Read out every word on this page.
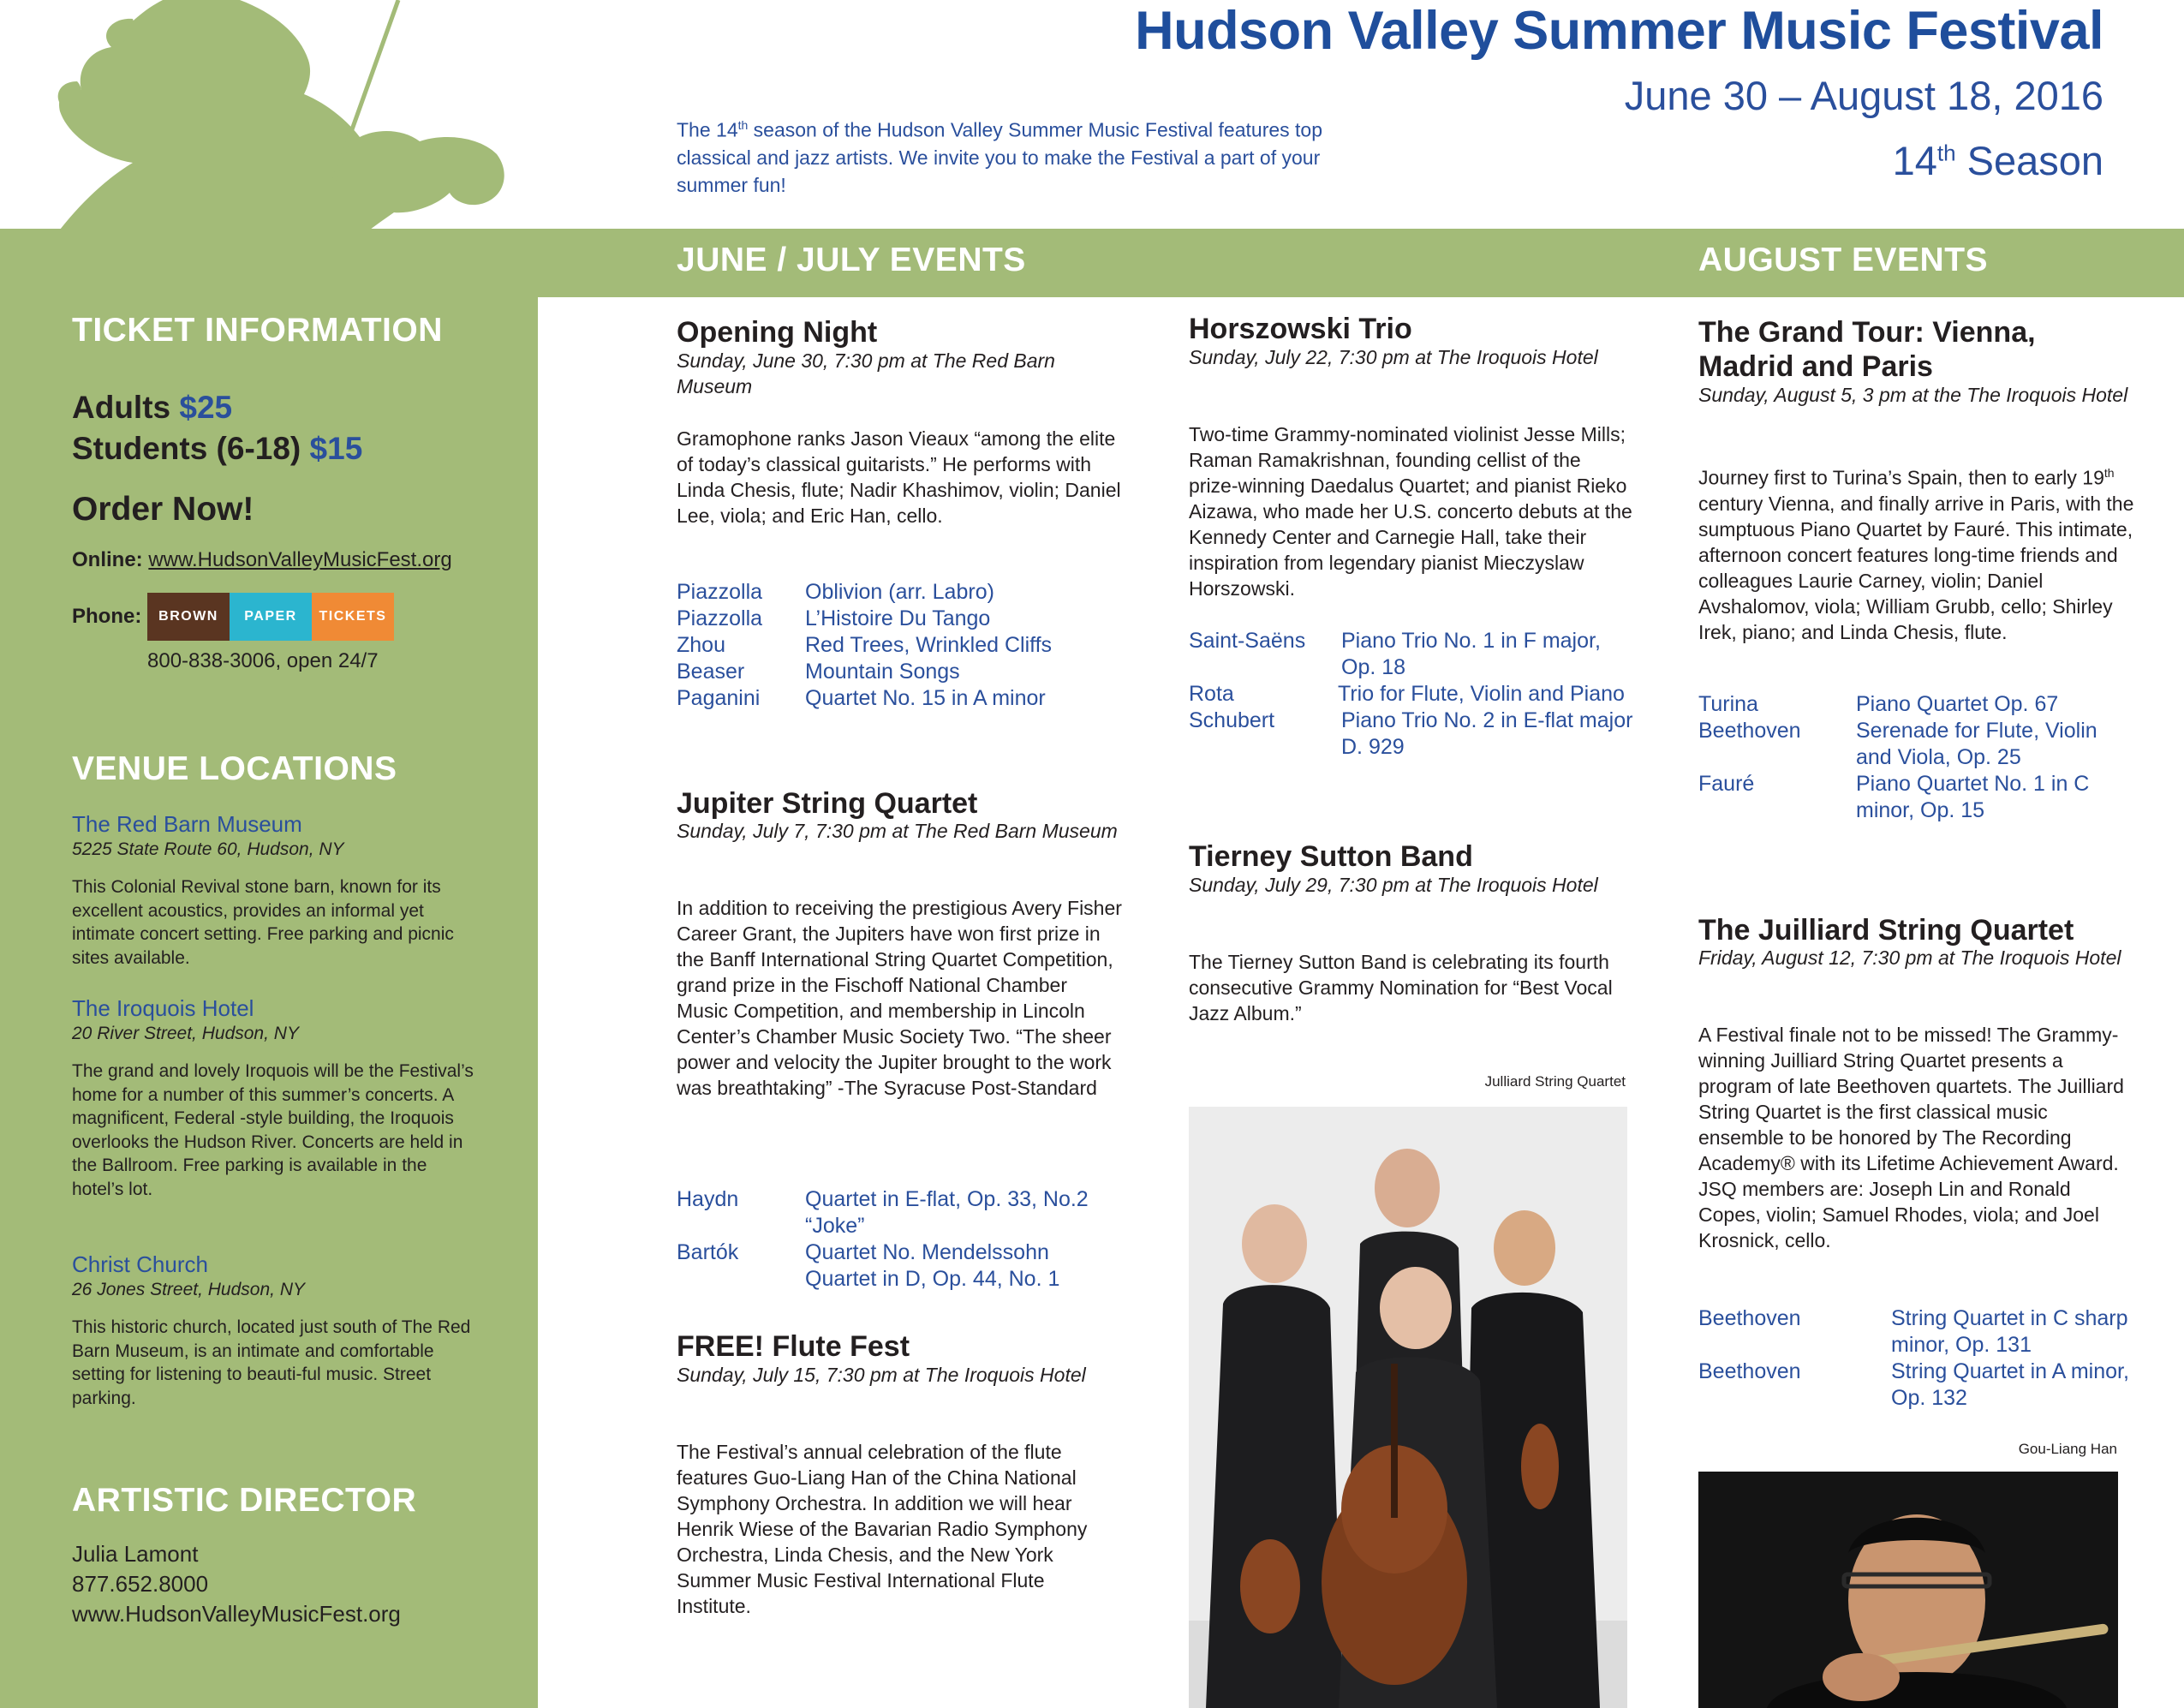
Hudson Valley Summer Music Festival
June 30 – August 18, 2016
14th Season
The 14th season of the Hudson Valley Summer Music Festival features top classical and jazz artists. We invite you to make the Festival a part of your summer fun!
JUNE / JULY EVENTS	AUGUST EVENTS
TICKET INFORMATION
Adults $25
Students (6-18) $15
Order Now!
Online: www.HudsonValleyMusicFest.org
Phone:	BROWN	PAPER	TICKETS
800-838-3006, open 24/7
VENUE LOCATIONS
The Red Barn Museum
5225 State Route 60, Hudson, NY
This Colonial Revival stone barn, known for its excellent acoustics, provides an informal yet intimate concert setting. Free parking and picnic sites available.
The Iroquois Hotel
20 River Street, Hudson, NY
The grand and lovely Iroquois will be the Festival’s home for a number of this summer’s concerts. A magnificent, Federal -style building, the Iroquois overlooks the Hudson River. Concerts are held in the Ballroom. Free parking is available in the hotel’s lot.
Christ Church
26 Jones Street, Hudson, NY
This historic church, located just south of The Red Barn Museum, is an intimate and comfortable setting for listening to beauti-ful music. Street parking.
ARTISTIC DIRECTOR
Julia Lamont
877.652.8000
www.HudsonValleyMusicFest.org
Opening Night
Sunday, June 30, 7:30 pm at The Red Barn Museum
Gramophone ranks Jason Vieaux “among the elite of today’s classical guitarists.” He performs with Linda Chesis, flute; Nadir Khashimov, violin; Daniel Lee, viola; and Eric Han, cello.
Piazzolla Oblivion (arr. Labro)
Piazzolla L’Histoire Du Tango
Zhou	Red Trees, Wrinkled Cliffs
Beaser	Mountain Songs
Paganini Quartet No. 15 in A minor
Jupiter String Quartet
Sunday, July 7, 7:30 pm at The Red Barn Museum
In addition to receiving the prestigious Avery Fisher Career Grant, the Jupiters have won first prize in the Banff International String Quartet Competition, grand prize in the Fischoff National Chamber Music Competition, and membership in Lincoln Center’s Chamber Music Society Two. “The sheer power and velocity the Jupiter brought to the work was breathtaking” -The Syracuse Post-Standard
Haydn	Quartet in E-flat, Op. 33, No.2 “Joke”
Bartók	Quartet No. Mendelssohn Quartet in D, Op. 44, No. 1
FREE! Flute Fest
Sunday, July 15, 7:30 pm at The Iroquois Hotel
The Festival’s annual celebration of the flute features Guo-Liang Han of the China National Symphony Orchestra. In addition we will hear Henrik Wiese of the Bavarian Radio Symphony Orchestra, Linda Chesis, and the New York Summer Music Festival International Flute Institute.
Horszowski Trio
Sunday, July 22, 7:30 pm at The Iroquois Hotel
Two-time Grammy-nominated violinist Jesse Mills; Raman Ramakrishnan, founding cellist of the prize-winning Daedalus Quartet; and pianist Rieko Aizawa, who made her U.S. concerto debuts at the Kennedy Center and Carnegie Hall, take their inspiration from legendary pianist Mieczyslaw Horszowski.
Saint-Saëns Piano Trio No. 1 in F major, Op. 18
Rota	Trio for Flute, Violin and Piano
Schubert	Piano Trio No. 2 in E-flat major D. 929
Tierney Sutton Band
Sunday, July 29, 7:30 pm at The Iroquois Hotel
The Tierney Sutton Band is celebrating its fourth consecutive Grammy Nomination for “Best Vocal Jazz Album.”
Julliard String Quartet
The Grand Tour: Vienna, Madrid and Paris
Sunday, August 5, 3 pm at the The Iroquois Hotel
Journey first to Turina’s Spain, then to early 19th century Vienna, and finally arrive in Paris, with the sumptuous Piano Quartet by Fauré. This intimate, afternoon concert features long-time friends and colleagues Laurie Carney, violin; Daniel Avshalomov, viola; William Grubb, cello; Shirley Irek, piano; and Linda Chesis, flute.
Turina	Piano Quartet Op. 67
Beethoven	Serenade for Flute, Violin and Viola, Op. 25
Fauré	Piano Quartet No. 1 in C minor, Op. 15
The Juilliard String Quartet
Friday, August 12, 7:30 pm at The Iroquois Hotel
A Festival finale not to be missed! The Grammy-winning Juilliard String Quartet presents a program of late Beethoven quartets. The Juilliard String Quartet is the first classical music ensemble to be honored by The Recording Academy® with its Lifetime Achievement Award. JSQ members are: Joseph Lin and Ronald Copes, violin; Samuel Rhodes, viola; and Joel Krosnick, cello.
Beethoven	String Quartet in C sharp minor, Op. 131
Beethoven	String Quartet in A minor, Op. 132
Gou-Liang Han
